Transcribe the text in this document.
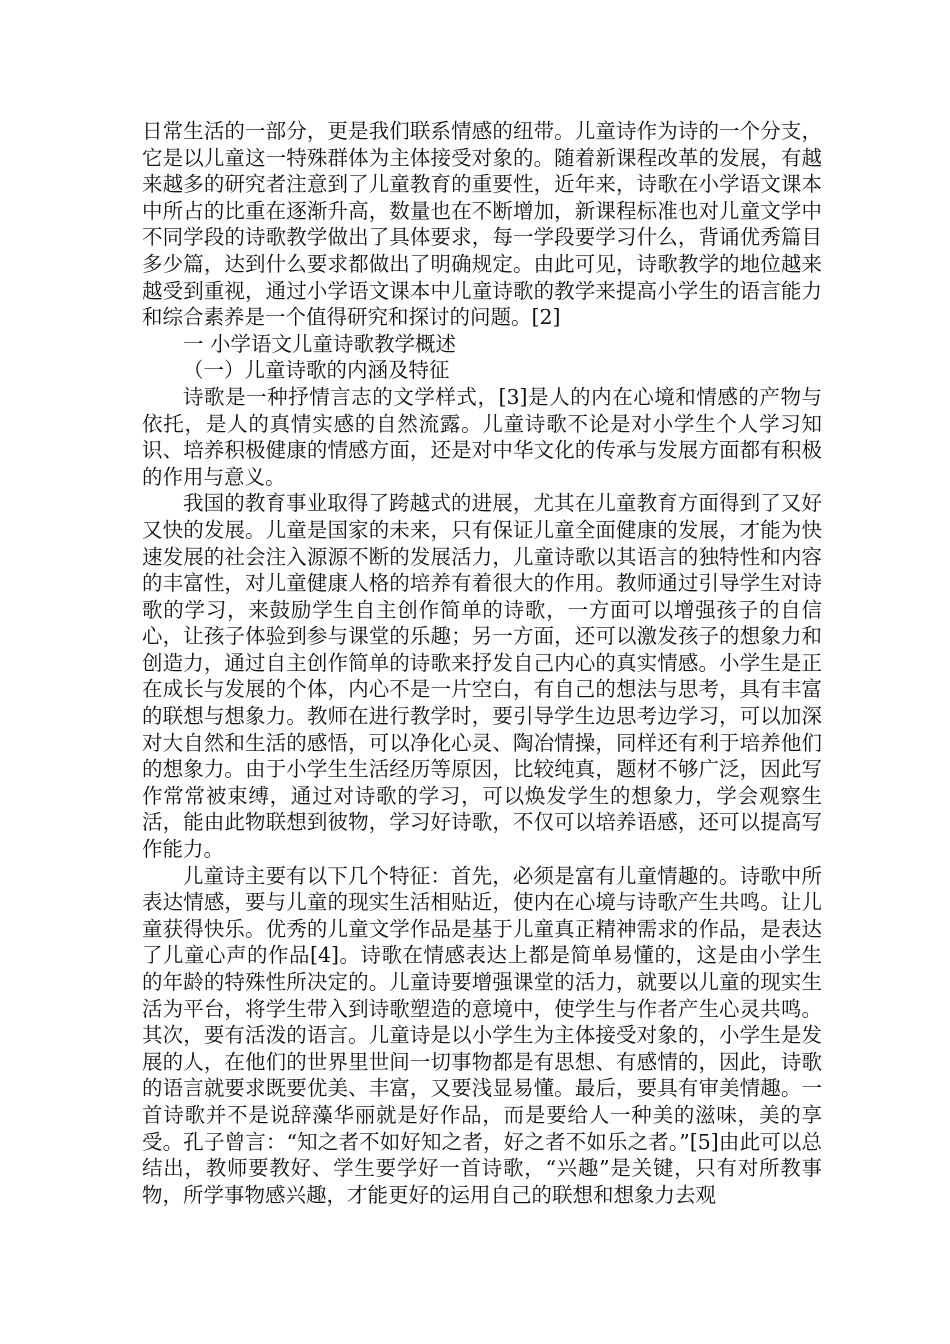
日常生活的一部分，更是我们联系情感的纽带。儿童诗作为诗的一个分支，它是以儿童这一特殊群体为主体接受对象的。随着新课程改革的发展，有越来越多的研究者注意到了儿童教育的重要性，近年来，诗歌在小学语文课本中所占的比重在逐渐升高，数量也在不断增加，新课程标准也对儿童文学中不同学段的诗歌教学做出了具体要求，每一学段要学习什么，背诵优秀篇目多少篇，达到什么要求都做出了明确规定。由此可见，诗歌教学的地位越来越受到重视，通过小学语文课本中儿童诗歌的教学来提高小学生的语言能力和综合素养是一个值得研究和探讨的问题。[2]

一 小学语文儿童诗歌教学概述
（一）儿童诗歌的内涵及特征

诗歌是一种抒情言志的文学样式，[3]是人的内在心境和情感的产物与依托，是人的真情实感的自然流露。儿童诗歌不论是对小学生个人学习知识、培养积极健康的情感方面，还是对中华文化的传承与发展方面都有积极的作用与意义。

我国的教育事业取得了跨越式的进展，尤其在儿童教育方面得到了又好又快的发展。儿童是国家的未来，只有保证儿童全面健康的发展，才能为快速发展的社会注入源源不断的发展活力，儿童诗歌以其语言的独特性和内容的丰富性，对儿童健康人格的培养有着很大的作用。教师通过引导学生对诗歌的学习，来鼓励学生自主创作简单的诗歌，一方面可以增强孩子的自信心，让孩子体验到参与课堂的乐趣；另一方面，还可以激发孩子的想象力和创造力，通过自主创作简单的诗歌来抒发自己内心的真实情感。小学生是正在成长与发展的个体，内心不是一片空白，有自己的想法与思考，具有丰富的联想与想象力。教师在进行教学时，要引导学生边思考边学习，可以加深对大自然和生活的感悟，可以净化心灵、陶冶情操，同样还有利于培养他们的想象力。由于小学生生活经历等原因，比较纯真，题材不够广泛，因此写作常常被束缚，通过对诗歌的学习，可以焕发学生的想象力，学会观察生活，能由此物联想到彼物，学习好诗歌，不仅可以培养语感，还可以提高写作能力。

儿童诗主要有以下几个特征：首先，必须是富有儿童情趣的。诗歌中所表达情感，要与儿童的现实生活相贴近，使内在心境与诗歌产生共鸣。让儿童获得快乐。优秀的儿童文学作品是基于儿童真正精神需求的作品，是表达了儿童心声的作品[4]。诗歌在情感表达上都是简单易懂的，这是由小学生的年龄的特殊性所决定的。儿童诗要增强课堂的活力，就要以儿童的现实生活为平台，将学生带入到诗歌塑造的意境中，使学生与作者产生心灵共鸣。其次，要有活泼的语言。儿童诗是以小学生为主体接受对象的，小学生是发展的人，在他们的世界里世间一切事物都是有思想、有感情的，因此，诗歌的语言就要求既要优美、丰富，又要浅显易懂。最后，要具有审美情趣。一首诗歌并不是说辞藻华丽就是好作品，而是要给人一种美的滋味，美的享受。孔子曾言：“知之者不如好知之者，好之者不如乐之者。”[5]由此可以总结出，教师要教好、学生要学好一首诗歌，“兴趣”是关键，只有对所教事物，所学事物感兴趣，才能更好的运用自己的联想和想象力去观
